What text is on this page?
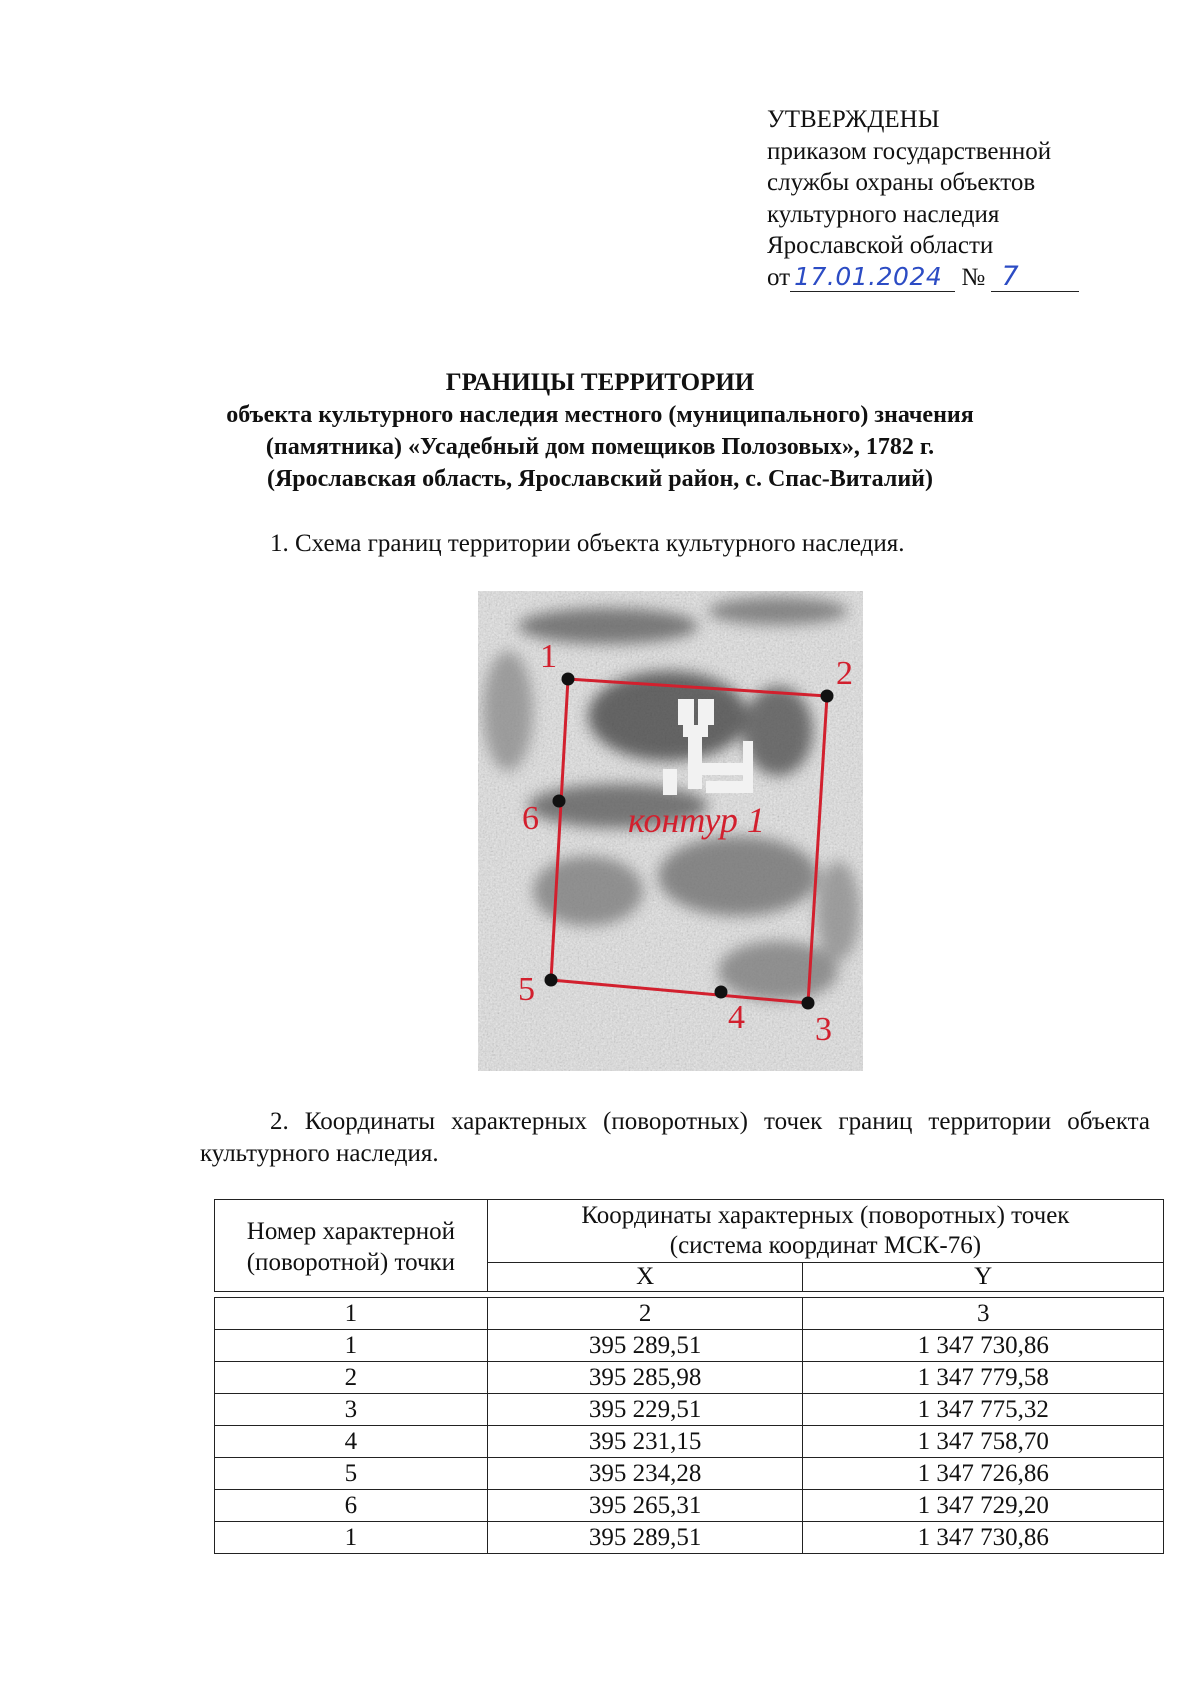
УТВЕРЖДЕНЫ
приказом государственной
службы охраны объектов
культурного наследия
Ярославской области
от 17.01.2024 № 7
ГРАНИЦЫ ТЕРРИТОРИИ
объекта культурного наследия местного (муниципального) значения
(памятника) «Усадебный дом помещиков Полозовых», 1782 г.
(Ярославская область, Ярославский район, с. Спас-Виталий)
1. Схема границ территории объекта культурного наследия.
1	2
3
4
5
6 контур 1
2. Координаты характерных (поворотных) точек границ территории объекта культурного наследия.
Номер характерной (поворотной) точки	Координаты характерных (поворотных) точек
(система координат МСК-76)	
	X	Y

1	2	3
1	395 289,51	1 347 730,86
2	395 285,98	1 347 779,58
3	395 229,51	1 347 775,32
4	395 231,15	1 347 758,70
5	395 234,28	1 347 726,86
6	395 265,31	1 347 729,20
1	395 289,51	1 347 730,86
